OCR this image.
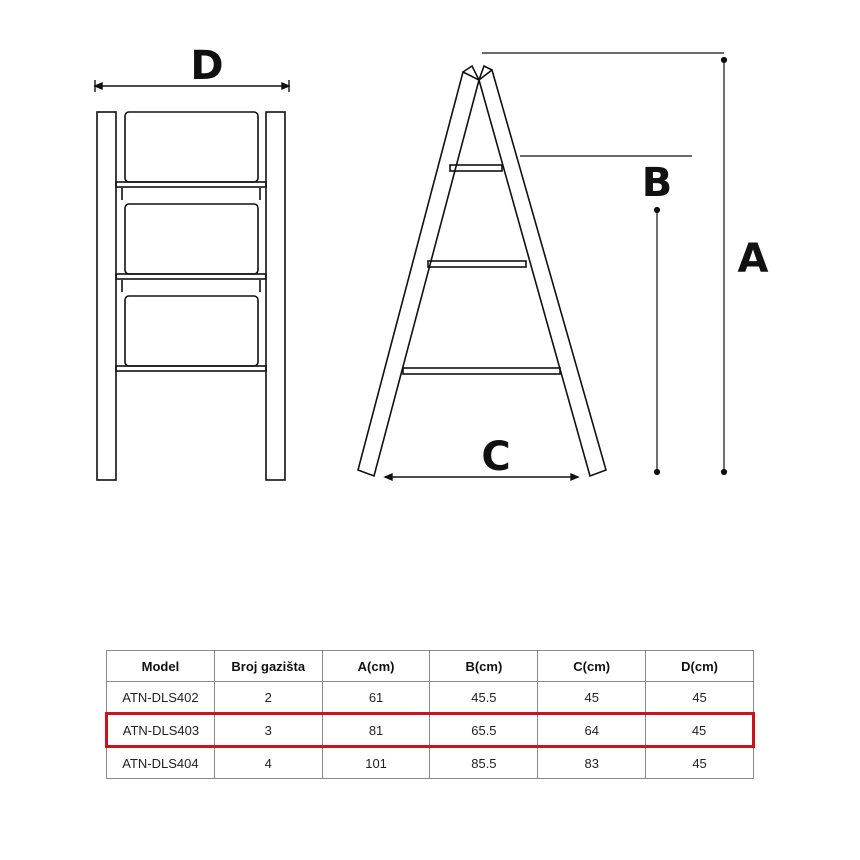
D
C
A
B
Model	Broj gazišta	A(cm)	B(cm)	C(cm)	D(cm)
ATN-DLS402	2	61	45.5	45	45
ATN-DLS403	3	81	65.5	64	45
ATN-DLS404	4	101	85.5	83	45
